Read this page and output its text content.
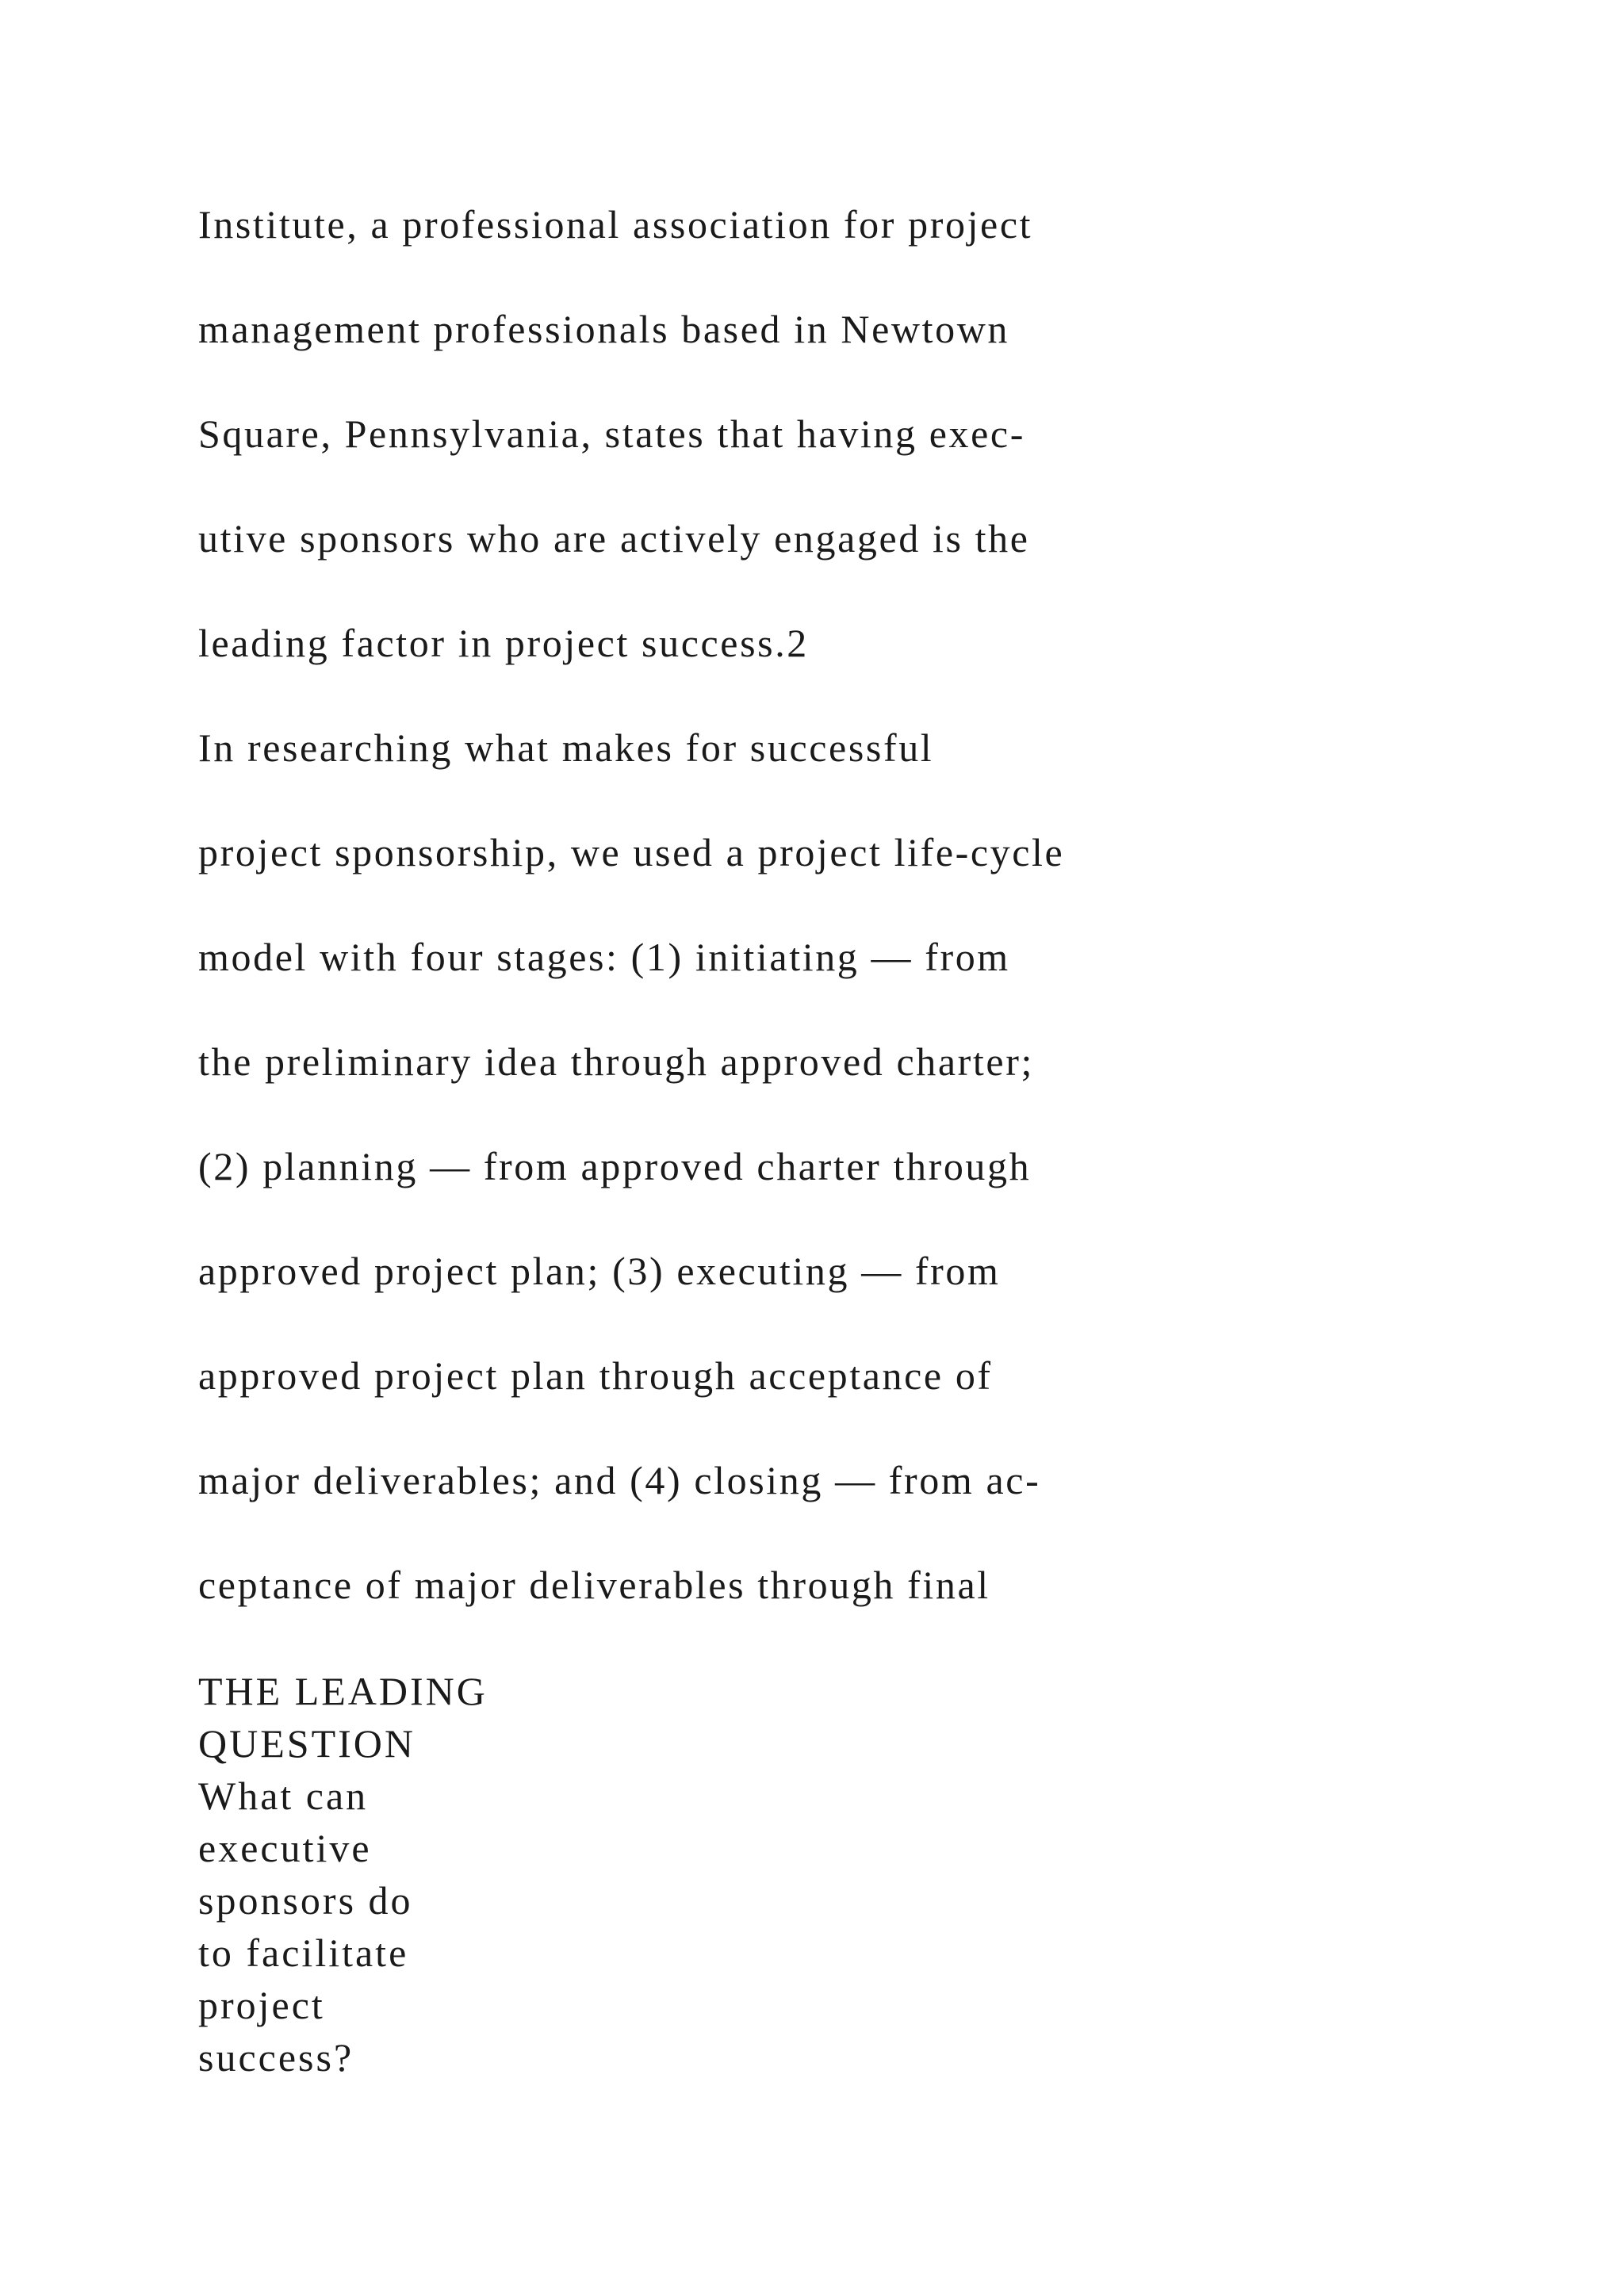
Institute, a professional association for project
management professionals based in Newtown
Square, Pennsylvania, states that having exec-
utive sponsors who are actively engaged is the
leading factor in project success.2
In researching what makes for successful
project sponsorship, we used a project life-cycle
model with four stages: (1) initiating — from
the preliminary idea through approved charter;
(2) planning — from approved charter through
approved project plan; (3) executing — from
approved project plan through acceptance of
major deliverables; and (4) closing — from ac-
ceptance of major deliverables through final
THE LEADING
QUESTION
What can
executive
sponsors do
to facilitate
project
success?
